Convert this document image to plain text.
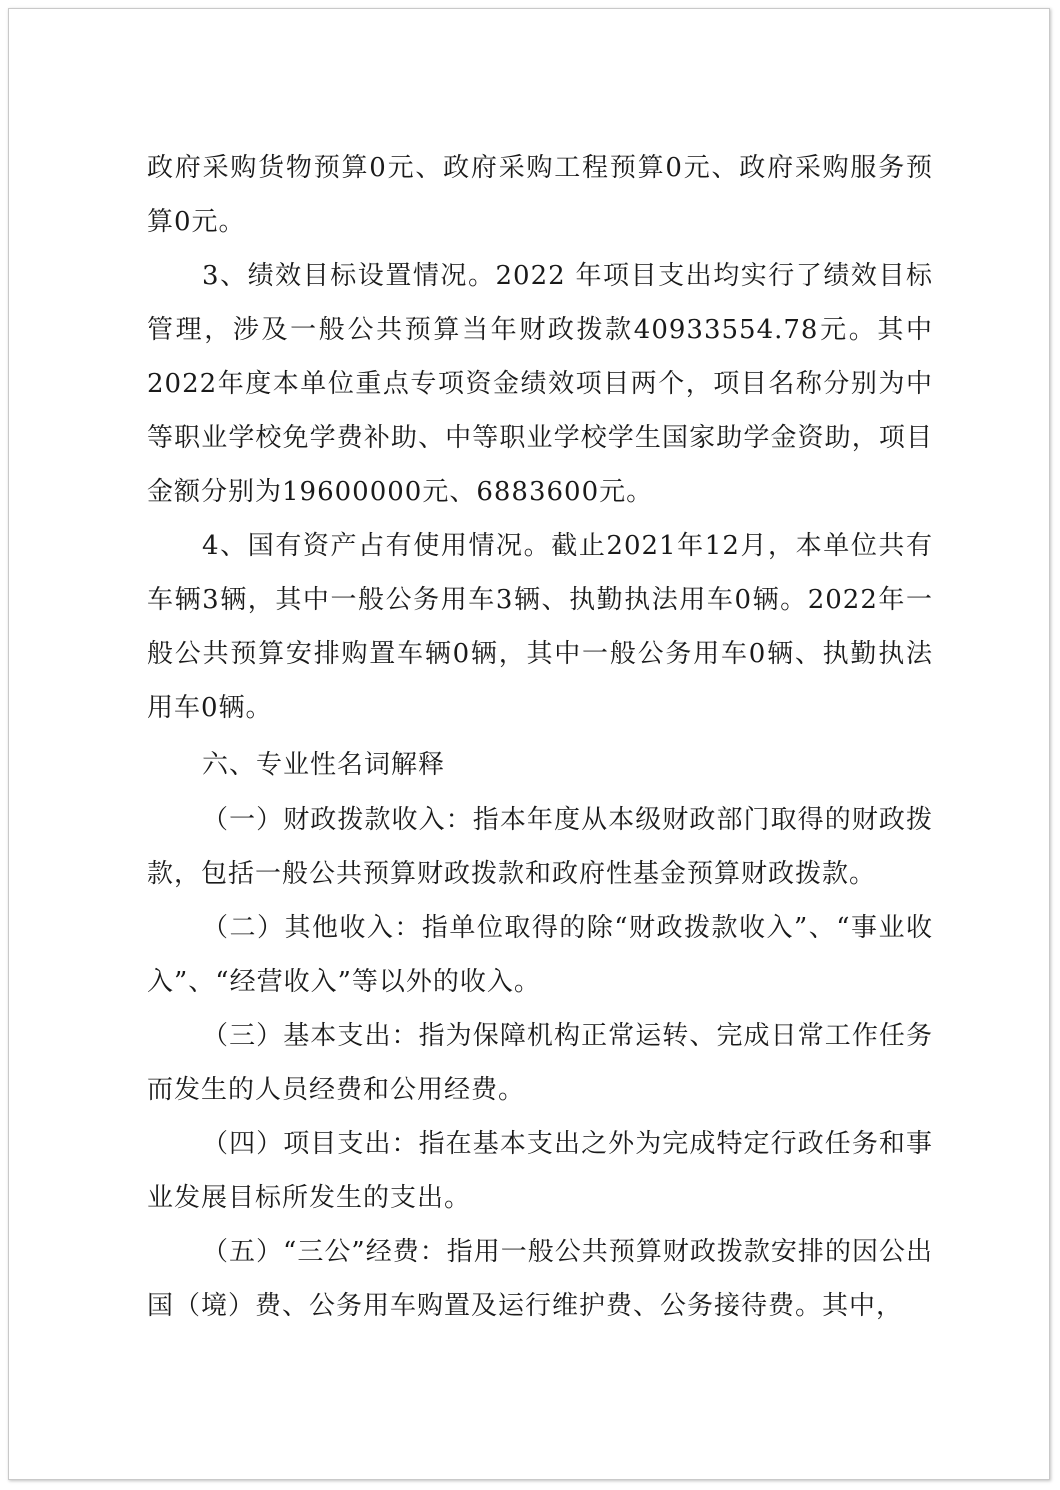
政府采购货物预算0元、政府采购工程预算0元、政府采购服务预算0元。

3、绩效目标设置情况。2022 年项目支出均实行了绩效目标管理，涉及一般公共预算当年财政拨款40933554.78元。其中2022年度本单位重点专项资金绩效项目两个，项目名称分别为中等职业学校免学费补助、中等职业学校学生国家助学金资助，项目金额分别为19600000元、6883600元。

4、国有资产占有使用情况。截止2021年12月，本单位共有车辆3辆，其中一般公务用车3辆、执勤执法用车0辆。2022年一般公共预算安排购置车辆0辆，其中一般公务用车0辆、执勤执法用车0辆。

六、专业性名词解释

（一）财政拨款收入：指本年度从本级财政部门取得的财政拨款，包括一般公共预算财政拨款和政府性基金预算财政拨款。

（二）其他收入：指单位取得的除“财政拨款收入”、“事业收入”、“经营收入”等以外的收入。

（三）基本支出：指为保障机构正常运转、完成日常工作任务而发生的人员经费和公用经费。

（四）项目支出：指在基本支出之外为完成特定行政任务和事业发展目标所发生的支出。

（五）“三公”经费：指用一般公共预算财政拨款安排的因公出国（境）费、公务用车购置及运行维护费、公务接待费。其中，
